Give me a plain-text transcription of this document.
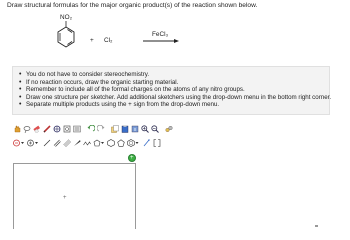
Draw structural formulas for the major organic product(s) of the reaction shown below.
NO₂
+ Cl₂
FeCl₃
• You do not have to consider stereochemistry.
• If no reaction occurs, draw the organic starting material.
• Remember to include all of the formal charges on the atoms of any nitro groups.
• Draw one structure per sketcher. Add additional sketchers using the drop-down menu in the bottom right corner.
• Separate multiple products using the + sign from the drop-down menu.
+
+
